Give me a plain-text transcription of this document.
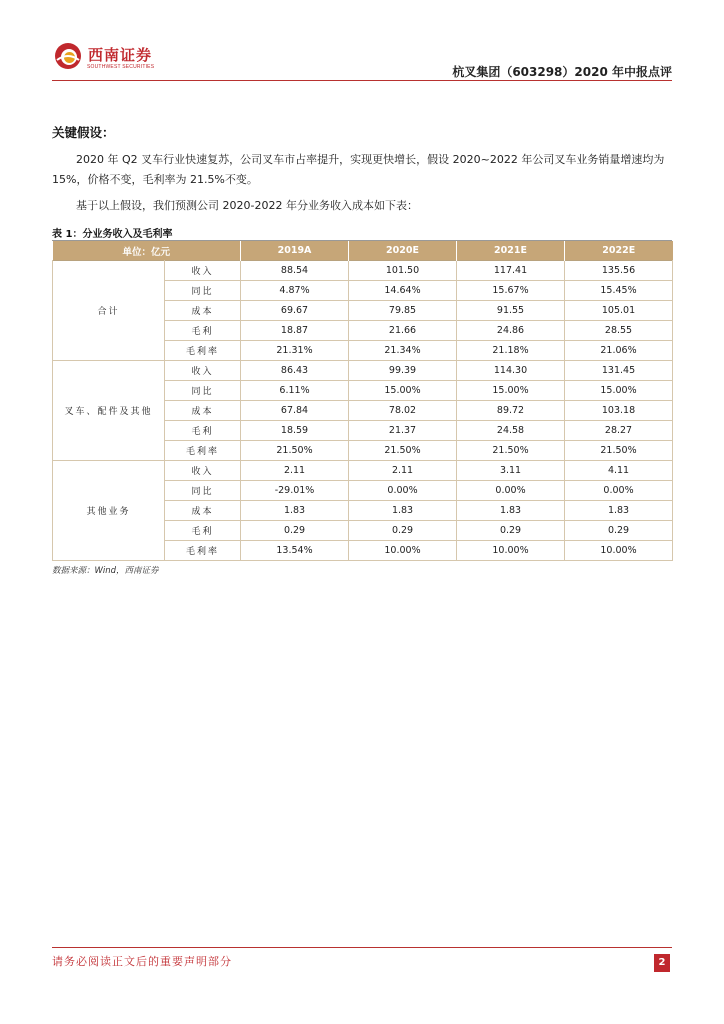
西南证券
SOUTHWEST SECURITIES	杭叉集团（603298）2020 年中报点评
关键假设：
2020 年 Q2 叉车行业快速复苏，公司叉车市占率提升，实现更快增长，假设 2020~2022 年公司叉车业务销量增速均为 15%，价格不变，毛利率为 21.5%不变。
基于以上假设，我们预测公司 2020-2022 年分业务收入成本如下表：
表 1：分业务收入及毛利率
单位：亿元		2019A	2020E	2021E	2022E
合计	收入	88.54	101.50	117.41	135.56
	同比	4.87%	14.64%	15.67%	15.45%
	成本	69.67	79.85	91.55	105.01
	毛利	18.87	21.66	24.86	28.55
	毛利率	21.31%	21.34%	21.18%	21.06%
叉车、配件及其他	收入	86.43	99.39	114.30	131.45
	同比	6.11%	15.00%	15.00%	15.00%
	成本	67.84	78.02	89.72	103.18
	毛利	18.59	21.37	24.58	28.27
	毛利率	21.50%	21.50%	21.50%	21.50%
其他业务	收入	2.11	2.11	3.11	4.11
	同比	-29.01%	0.00%	0.00%	0.00%
	成本	1.83	1.83	1.83	1.83
	毛利	0.29	0.29	0.29	0.29
	毛利率	13.54%	10.00%	10.00%	10.00%
数据来源：Wind，西南证券
请务必阅读正文后的重要声明部分	2
